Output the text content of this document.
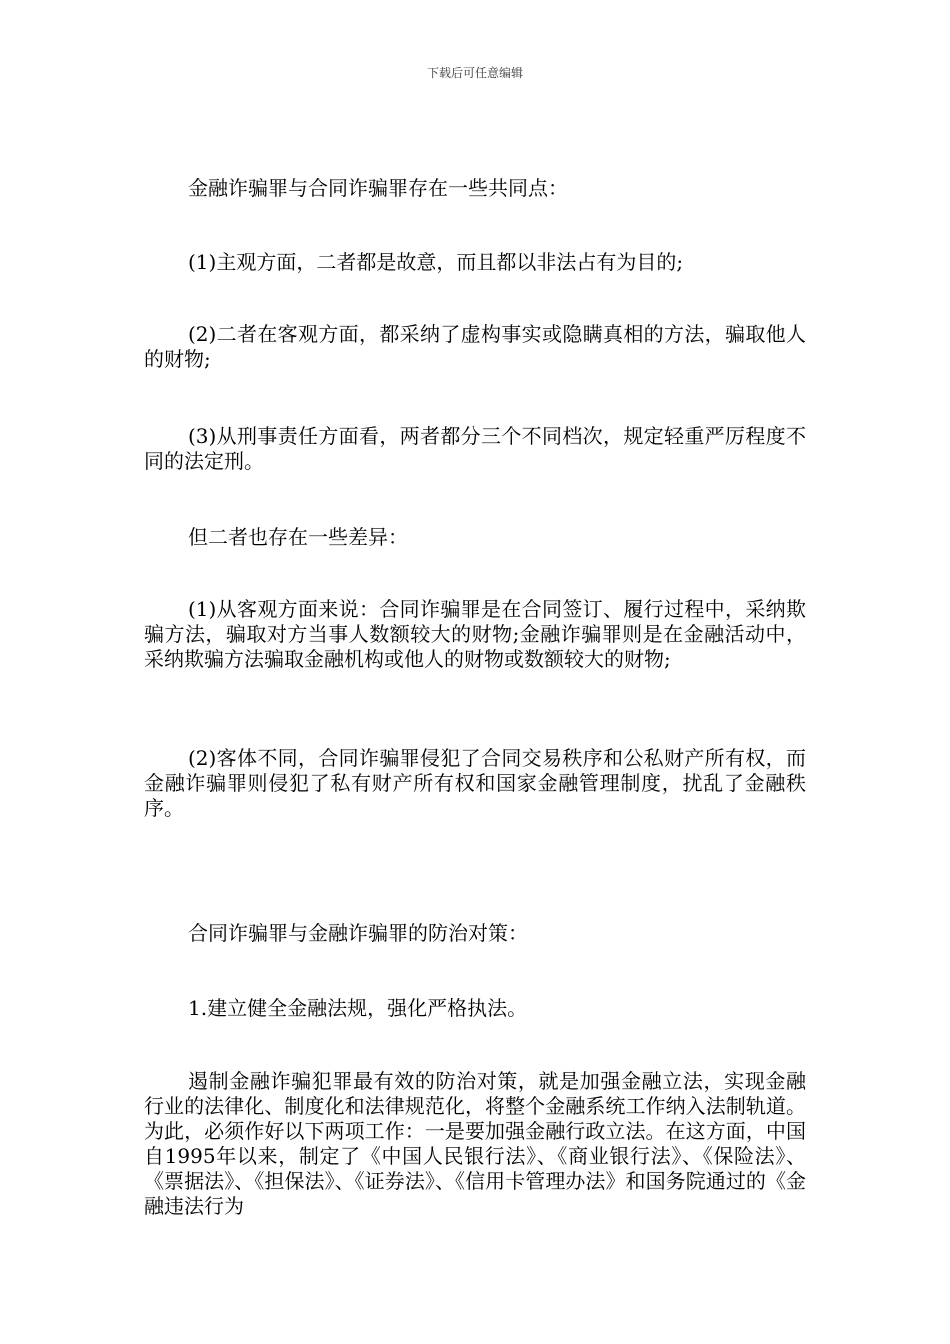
下载后可任意编辑

金融诈骗罪与合同诈骗罪存在一些共同点：

(1)主观方面，二者都是故意，而且都以非法占有为目的;

(2)二者在客观方面，都采纳了虚构事实或隐瞒真相的方法，骗取他人的财物;

(3)从刑事责任方面看，两者都分三个不同档次，规定轻重严厉程度不同的法定刑。

但二者也存在一些差异：

(1)从客观方面来说：合同诈骗罪是在合同签订、履行过程中，采纳欺骗方法，骗取对方当事人数额较大的财物;金融诈骗罪则是在金融活动中，采纳欺骗方法骗取金融机构或他人的财物或数额较大的财物;

(2)客体不同，合同诈骗罪侵犯了合同交易秩序和公私财产所有权，而金融诈骗罪则侵犯了私有财产所有权和国家金融管理制度，扰乱了金融秩序。

合同诈骗罪与金融诈骗罪的防治对策：

1.建立健全金融法规，强化严格执法。

遏制金融诈骗犯罪最有效的防治对策，就是加强金融立法，实现金融行业的法律化、制度化和法律规范化，将整个金融系统工作纳入法制轨道。为此，必须作好以下两项工作：一是要加强金融行政立法。在这方面，中国自1995年以来，制定了《中国人民银行法》、《商业银行法》、《保险法》、《票据法》、《担保法》、《证券法》、《信用卡管理办法》和国务院通过的《金融违法行为
